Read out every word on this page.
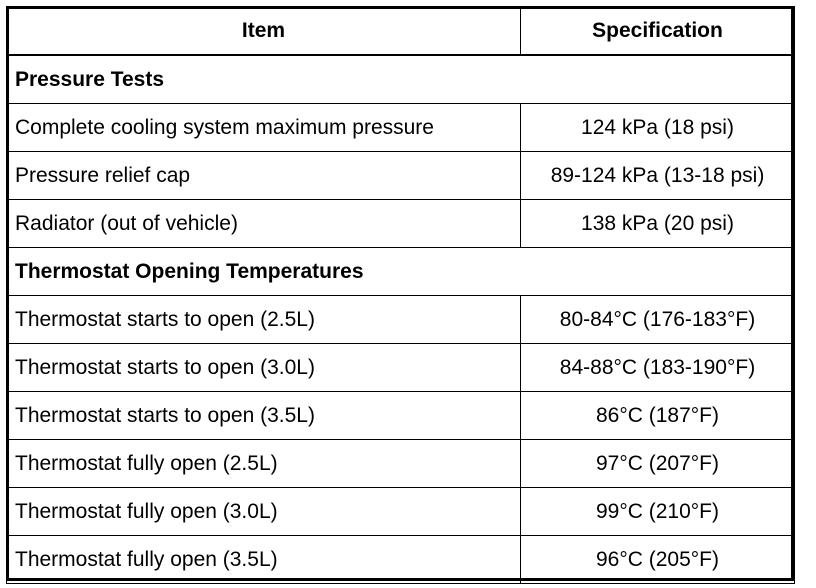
Item	Specification
Pressure Tests	
Complete cooling system maximum pressure	124 kPa (18 psi)
Pressure relief cap	89-124 kPa (13-18 psi)
Radiator (out of vehicle)	138 kPa (20 psi)
Thermostat Opening Temperatures	
Thermostat starts to open (2.5L)	80-84°C (176-183°F)
Thermostat starts to open (3.0L)	84-88°C (183-190°F)
Thermostat starts to open (3.5L)	86°C (187°F)
Thermostat fully open (2.5L)	97°C (207°F)
Thermostat fully open (3.0L)	99°C (210°F)
Thermostat fully open (3.5L)	96°C (205°F)
